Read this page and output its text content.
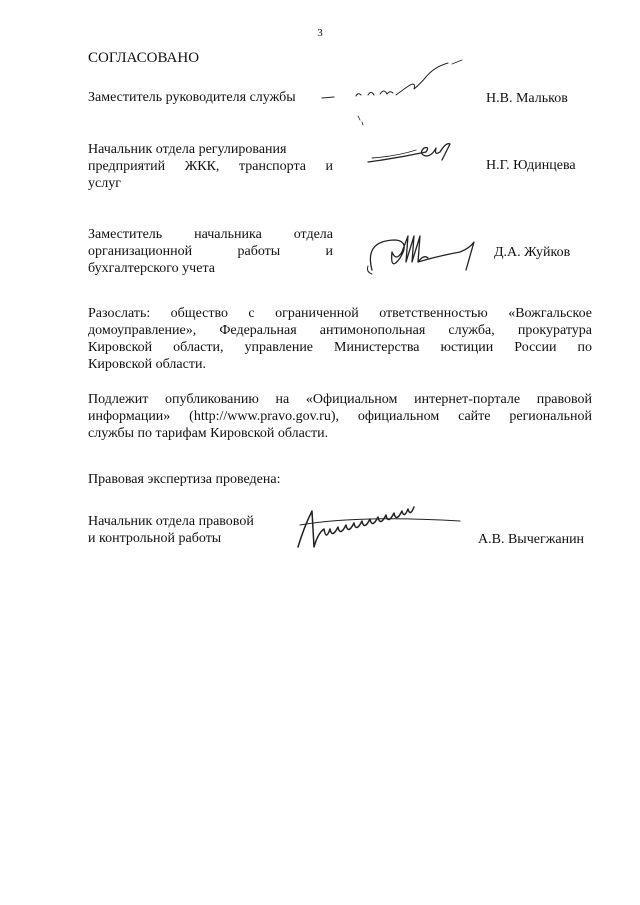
3
СОГЛАСОВАНО
Заместитель руководителя службы	Н.В. Мальков
Начальник отдела регулирования
предприятий ЖКК, транспорта и
услуг
Н.Г. Юдинцева
Заместитель начальника отдела
организационной работы и
бухгалтерского учета
Д.А. Жуйков
Разослать: общество с ограниченной ответственностью «Вожгальское
домоуправление», Федеральная антимонопольная служба, прокуратура
Кировской области, управление Министерства юстиции России по
Кировской области.
Подлежит опубликованию на «Официальном интернет-портале правовой
информации» (http://www.pravo.gov.ru), официальном сайте региональной
службы по тарифам Кировской области.
Правовая экспертиза проведена:
Начальник отдела правовой
и контрольной работы	А.В. Вычегжанин
